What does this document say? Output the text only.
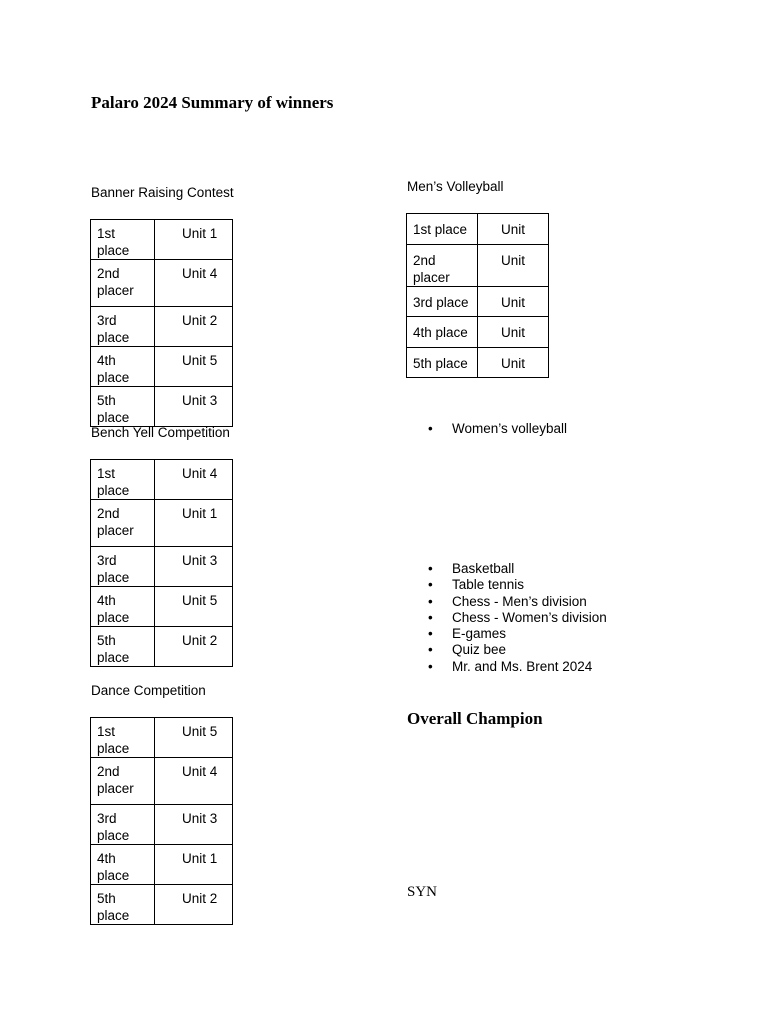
Palaro 2024 Summary of winners

Banner Raising Contest

1st place	Unit 1
2nd placer	Unit 4
3rd place	Unit 2
4th place	Unit 5
5th place	Unit 3

Bench Yell Competition

1st place	Unit 4
2nd placer	Unit 1
3rd place	Unit 3
4th place	Unit 5
5th place	Unit 2

Dance Competition

1st place	Unit 5
2nd placer	Unit 4
3rd place	Unit 3
4th place	Unit 1
5th place	Unit 2

Men’s Volleyball

1st place	Unit
2nd placer	Unit
3rd place	Unit
4th place	Unit
5th place	Unit
• Women’s volleyball
• Basketball
• Table tennis
• Chess - Men’s division
• Chess - Women’s division
• E-games
• Quiz bee
• Mr. and Ms. Brent 2024
Overall Champion

SYN
